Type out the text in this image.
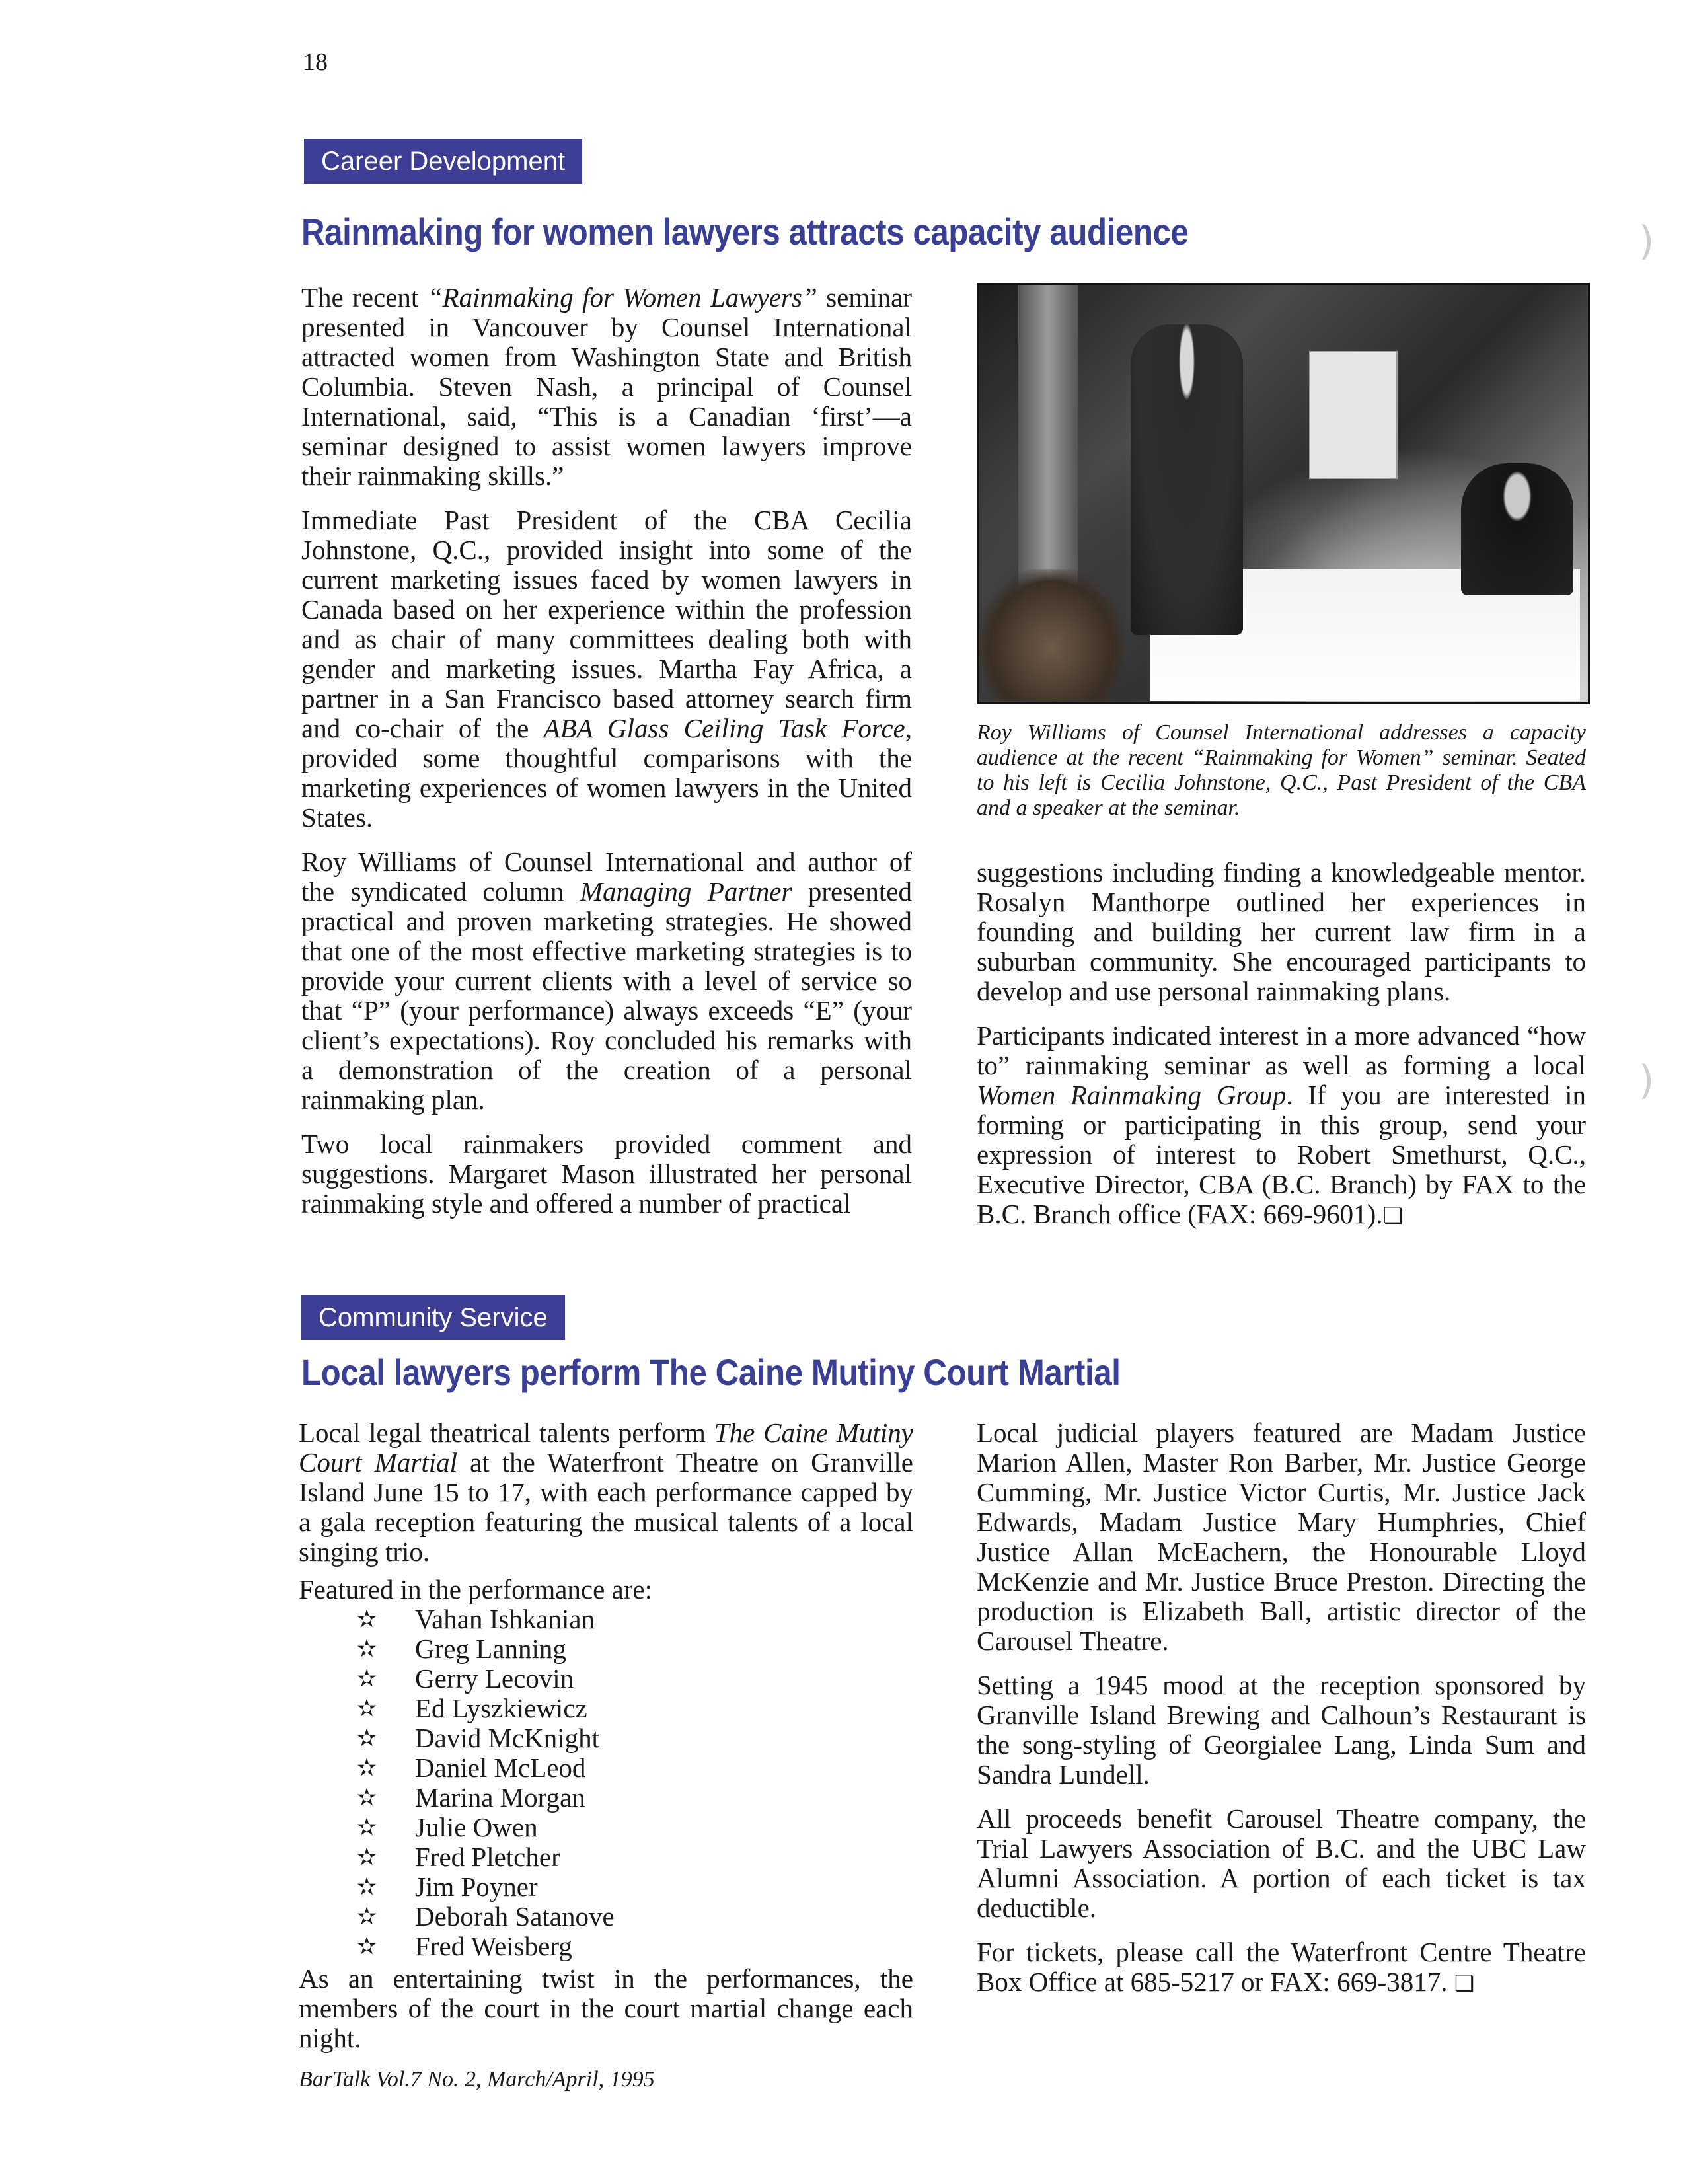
18
Career Development
Rainmaking for women lawyers attracts capacity audience

The recent “Rainmaking for Women Lawyers” seminar presented in Vancouver by Counsel International attracted women from Washington State and British Columbia. Steven Nash, a principal of Counsel International, said, “This is a Canadian ‘first’—a seminar designed to assist women lawyers improve their rainmaking skills.”

Immediate Past President of the CBA Cecilia Johnstone, Q.C., provided insight into some of the current marketing issues faced by women lawyers in Canada based on her experience within the profession and as chair of many committees dealing both with gender and marketing issues. Martha Fay Africa, a partner in a San Francisco based attorney search firm and co-chair of the ABA Glass Ceiling Task Force, provided some thoughtful comparisons with the marketing experiences of women lawyers in the United States.

Roy Williams of Counsel International and author of the syndicated column Managing Partner presented practical and proven marketing strategies. He showed that one of the most effective marketing strategies is to provide your current clients with a level of service so that “P” (your performance) always exceeds “E” (your client’s expectations). Roy concluded his remarks with a demonstration of the creation of a personal rainmaking plan.

Two local rainmakers provided comment and suggestions. Margaret Mason illustrated her personal rainmaking style and offered a number of practical

Roy Williams of Counsel International addresses a capacity audience at the recent “Rainmaking for Women” seminar. Seated to his left is Cecilia Johnstone, Q.C., Past President of the CBA and a speaker at the seminar.

suggestions including finding a knowledgeable mentor. Rosalyn Manthorpe outlined her experiences in founding and building her current law firm in a suburban community. She encouraged participants to develop and use personal rainmaking plans.

Participants indicated interest in a more advanced “how to” rainmaking seminar as well as forming a local Women Rainmaking Group. If you are interested in forming or participating in this group, send your expression of interest to Robert Smethurst, Q.C., Executive Director, CBA (B.C. Branch) by FAX to the B.C. Branch office (FAX: 669-9601).❏

Community Service
Local lawyers perform The Caine Mutiny Court Martial

Local legal theatrical talents perform The Caine Mutiny Court Martial at the Waterfront Theatre on Granville Island June 15 to 17, with each performance capped by a gala reception featuring the musical talents of a local singing trio.

Featured in the performance are:
✫ Vahan Ishkanian
✫ Greg Lanning
✫ Gerry Lecovin
✫ Ed Lyszkiewicz
✫ David McKnight
✫ Daniel McLeod
✫ Marina Morgan
✫ Julie Owen
✫ Fred Pletcher
✫ Jim Poyner
✫ Deborah Satanove
✫ Fred Weisberg

As an entertaining twist in the performances, the members of the court in the court martial change each night.

Local judicial players featured are Madam Justice Marion Allen, Master Ron Barber, Mr. Justice George Cumming, Mr. Justice Victor Curtis, Mr. Justice Jack Edwards, Madam Justice Mary Humphries, Chief Justice Allan McEachern, the Honourable Lloyd McKenzie and Mr. Justice Bruce Preston. Directing the production is Elizabeth Ball, artistic director of the Carousel Theatre.

Setting a 1945 mood at the reception sponsored by Granville Island Brewing and Calhoun’s Restaurant is the song-styling of Georgialee Lang, Linda Sum and Sandra Lundell.

All proceeds benefit Carousel Theatre company, the Trial Lawyers Association of B.C. and the UBC Law Alumni Association. A portion of each ticket is tax deductible.

For tickets, please call the Waterfront Centre Theatre Box Office at 685-5217 or FAX: 669-3817. ❏

BarTalk Vol.7 No. 2, March/April, 1995
)
)
